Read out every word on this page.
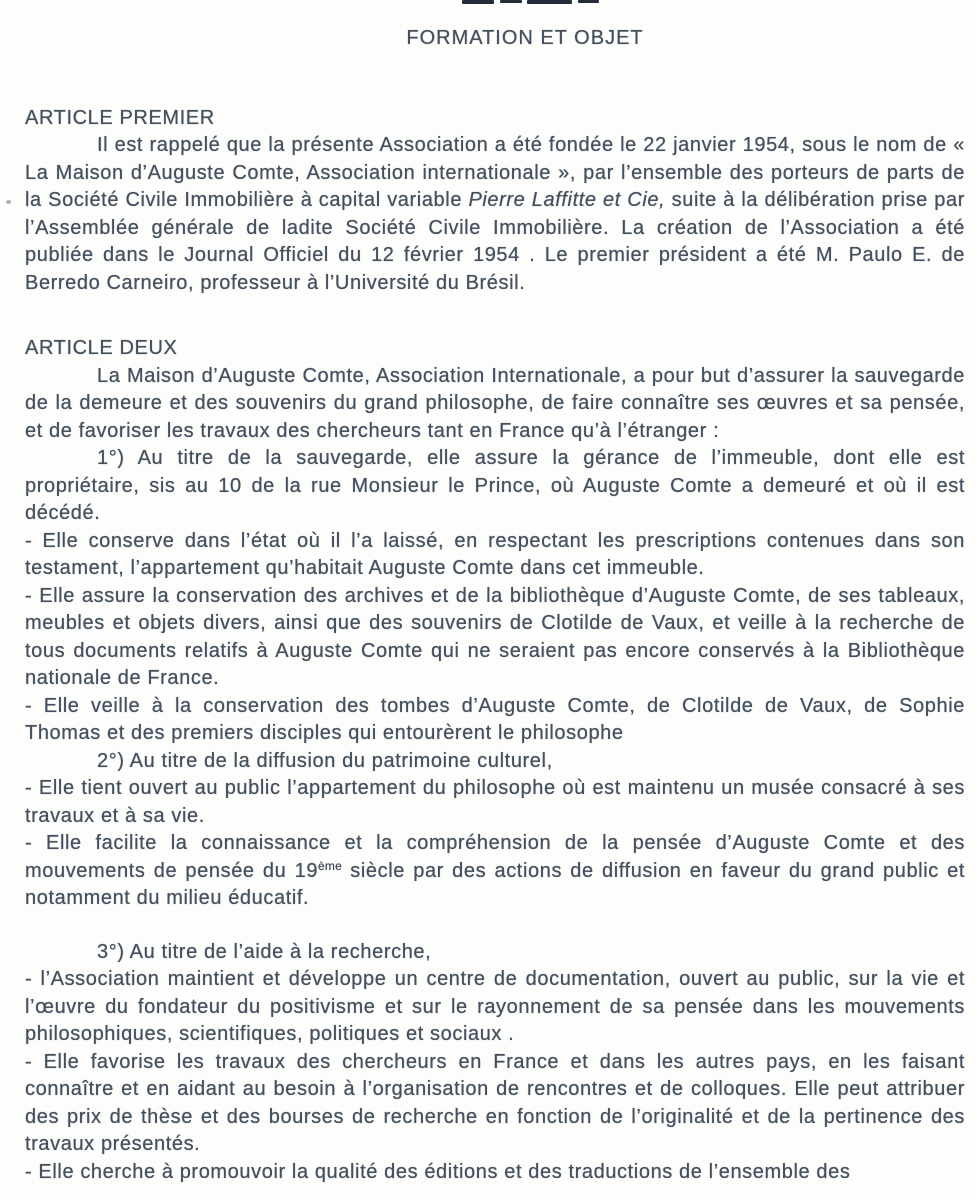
FORMATION ET OBJET
ARTICLE PREMIER

Il est rappelé que la présente Association a été fondée le 22 janvier 1954, sous le nom de « La Maison d’Auguste Comte, Association internationale », par l’ensemble des porteurs de parts de la Société Civile Immobilière à capital variable Pierre Laffitte et Cie, suite à la délibération prise par l’Assemblée générale de ladite Société Civile Immobilière. La création de l’Association a été publiée dans le Journal Officiel du 12 février 1954 . Le premier président a été M. Paulo E. de Berredo Carneiro, professeur à l’Université du Brésil.

ARTICLE DEUX

La Maison d’Auguste Comte, Association Internationale, a pour but d’assurer la sauvegarde de la demeure et des souvenirs du grand philosophe, de faire connaître ses œuvres et sa pensée, et de favoriser les travaux des chercheurs tant en France qu’à l’étranger :

1°) Au titre de la sauvegarde, elle assure la gérance de l’immeuble, dont elle est propriétaire, sis au 10 de la rue Monsieur le Prince, où Auguste Comte a demeuré et où il est décédé.

- Elle conserve dans l’état où il l’a laissé, en respectant les prescriptions contenues dans son testament, l’appartement qu’habitait Auguste Comte dans cet immeuble.

- Elle assure la conservation des archives et de la bibliothèque d’Auguste Comte, de ses tableaux, meubles et objets divers, ainsi que des souvenirs de Clotilde de Vaux, et veille à la recherche de tous documents relatifs à Auguste Comte qui ne seraient pas encore conservés à la Bibliothèque nationale de France.

- Elle veille à la conservation des tombes d’Auguste Comte, de Clotilde de Vaux, de Sophie Thomas et des premiers disciples qui entourèrent le philosophe

2°) Au titre de la diffusion du patrimoine culturel,

- Elle tient ouvert au public l’appartement du philosophe où est maintenu un musée consacré à ses travaux et à sa vie.

- Elle facilite la connaissance et la compréhension de la pensée d’Auguste Comte et des mouvements de pensée du 19ème siècle par des actions de diffusion en faveur du grand public et notamment du milieu éducatif.

3°) Au titre de l’aide à la recherche,

- l’Association maintient et développe un centre de documentation, ouvert au public, sur la vie et l’œuvre du fondateur du positivisme et sur le rayonnement de sa pensée dans les mouvements philosophiques, scientifiques, politiques et sociaux .

- Elle favorise les travaux des chercheurs en France et dans les autres pays, en les faisant connaître et en aidant au besoin à l’organisation de rencontres et de colloques. Elle peut attribuer des prix de thèse et des bourses de recherche en fonction de l’originalité et de la pertinence des travaux présentés.

- Elle cherche à promouvoir la qualité des éditions et des traductions de l’ensemble des
